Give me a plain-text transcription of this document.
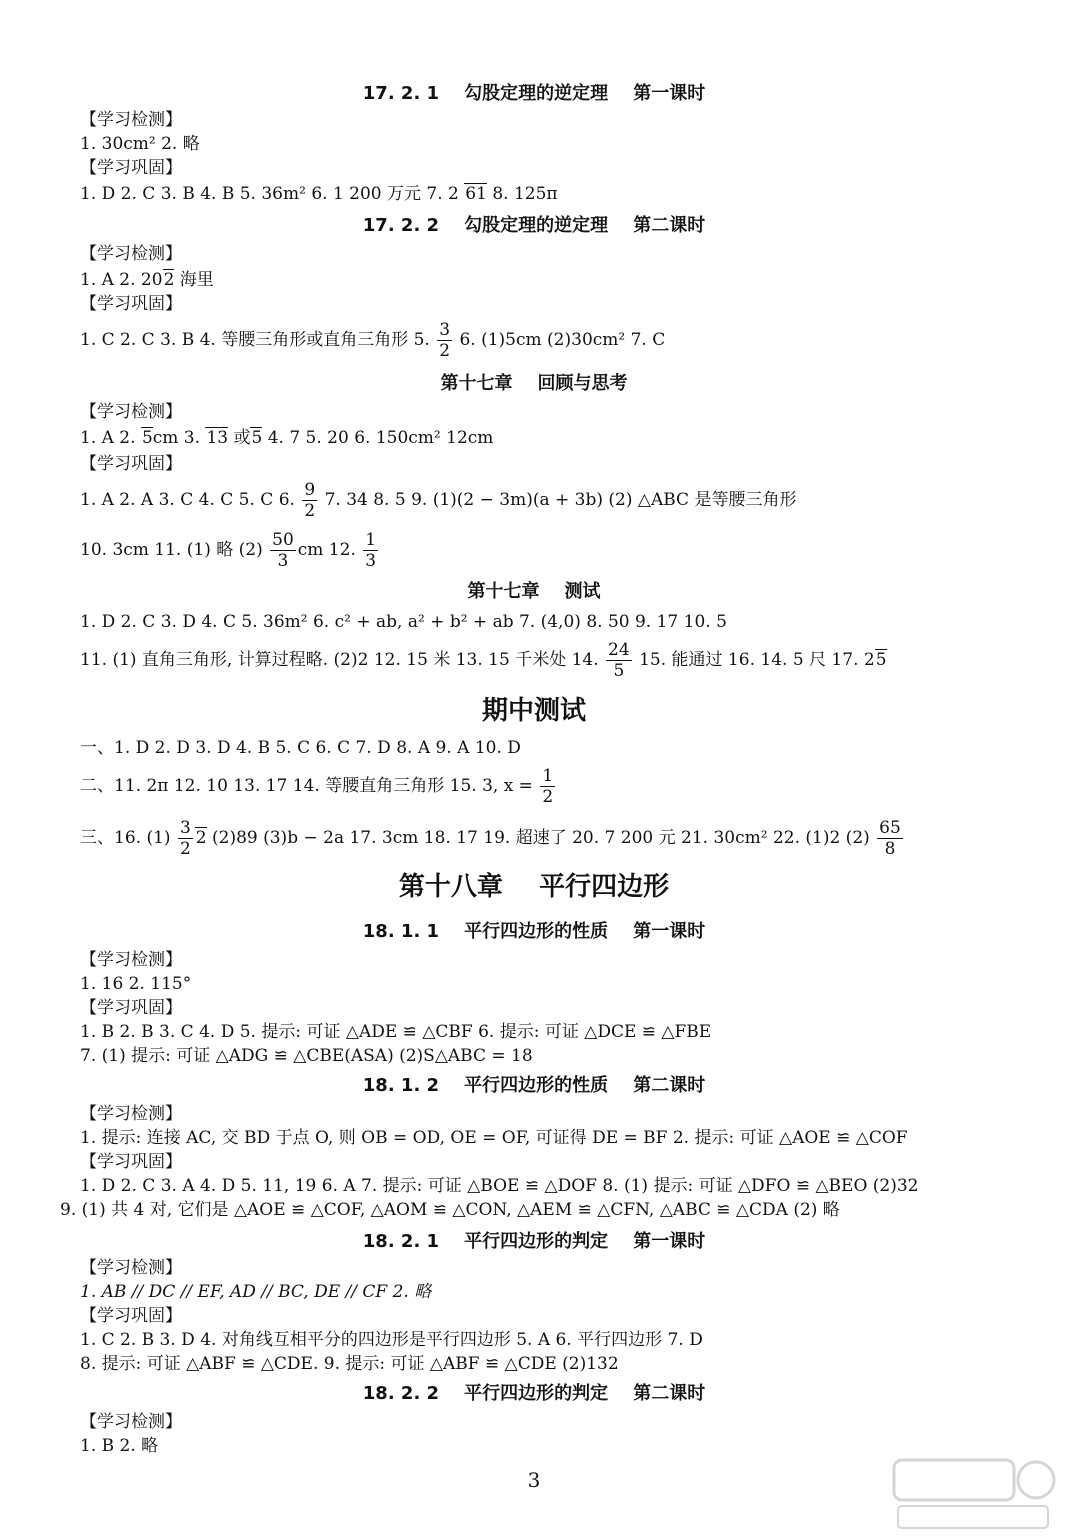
17. 2. 1    勾股定理的逆定理    第一课时
【学习检测】
1. 30cm² 2. 略
【学习巩固】
1. D 2. C 3. B 4. B 5. 36m² 6. 1 200 万元 7. 2 61 8. 125π
17. 2. 2    勾股定理的逆定理    第二课时
【学习检测】
1. A 2. 202 海里
【学习巩固】
1. C 2. C 3. B 4. 等腰三角形或直角三角形 5. $\frac{3}{2} 6$. (1)5cm (2)30cm² 7. C
第十七章    回顾与思考
【学习检测】
1. A 2. 5cm 3. 13 或5 4. 7 5. 20 6. 150cm² 12cm
【学习巩固】
1. A 2. A 3. C 4. C 5. C 6. $\frac{9}{2} 7$. 34 8. 5 9. (1)(2 − 3m)(a + 3b) (2) △ABC 是等腰三角形
10. 3cm 11. (1) 略 $(2) \frac{50}{3}$ cm 12. $\frac{1}{3}$
第十七章    测试
1. D 2. C 3. D 4. C 5. 36m² 6. c² + ab, a² + b² + ab 7. (4,0) 8. 50 9. 17 10. 5
11. (1) 直角三角形, 计算过程略. (2)2 12. 15 米 13. 15 千米处 14. $\frac{24}{5} 15$. 能通过 16. 14. 5 尺 17. 25
期中测试
一、1. D 2. D 3. D 4. B 5. C 6. C 7. D 8. A 9. A 10. D
二、11. 2π 12. 10 13. 17 14. 等腰直角三角形 15. 3, $x = \frac{1}{2}$
三、16. $(1) \frac{3}{2} 2$ (2)89 (3)b − 2a 17. 3cm 18. 17 19. 超速了 20. 7 200 元 21. 30cm² 22. (1)2 $(2) \frac{65}{8}$
第十八章    平行四边形
18. 1. 1    平行四边形的性质    第一课时
【学习检测】
1. 16 2. 115°
【学习巩固】
1. B 2. B 3. C 4. D 5. 提示: 可证 △ADE ≌ △CBF 6. 提示: 可证 △DCE ≌ △FBE
7. (1) 提示: 可证 △ADG ≌ △CBE(ASA) (2)S△ABC = 18
18. 1. 2    平行四边形的性质    第二课时
【学习检测】
1. 提示: 连接 AC, 交 BD 于点 O, 则 OB = OD, OE = OF, 可证得 DE = BF 2. 提示: 可证 △AOE ≌ △COF
【学习巩固】
1. D 2. C 3. A 4. D 5. 11, 19 6. A 7. 提示: 可证 △BOE ≌ △DOF 8. (1) 提示: 可证 △DFO ≌ △BEO (2)32
9. (1) 共 4 对, 它们是 △AOE ≌ △COF, △AOM ≌ △CON, △AEM ≌ △CFN, △ABC ≌ △CDA (2) 略
18. 2. 1    平行四边形的判定    第一课时
【学习检测】
1. AB // DC // EF, AD // BC, DE // CF 2. 略
【学习巩固】
1. C 2. B 3. D 4. 对角线互相平分的四边形是平行四边形 5. A 6. 平行四边形 7. D
8. 提示: 可证 △ABF ≌ △CDE. 9. 提示: 可证 △ABF ≌ △CDE (2)132
18. 2. 2    平行四边形的判定    第二课时
【学习检测】
1. B 2. 略
3
